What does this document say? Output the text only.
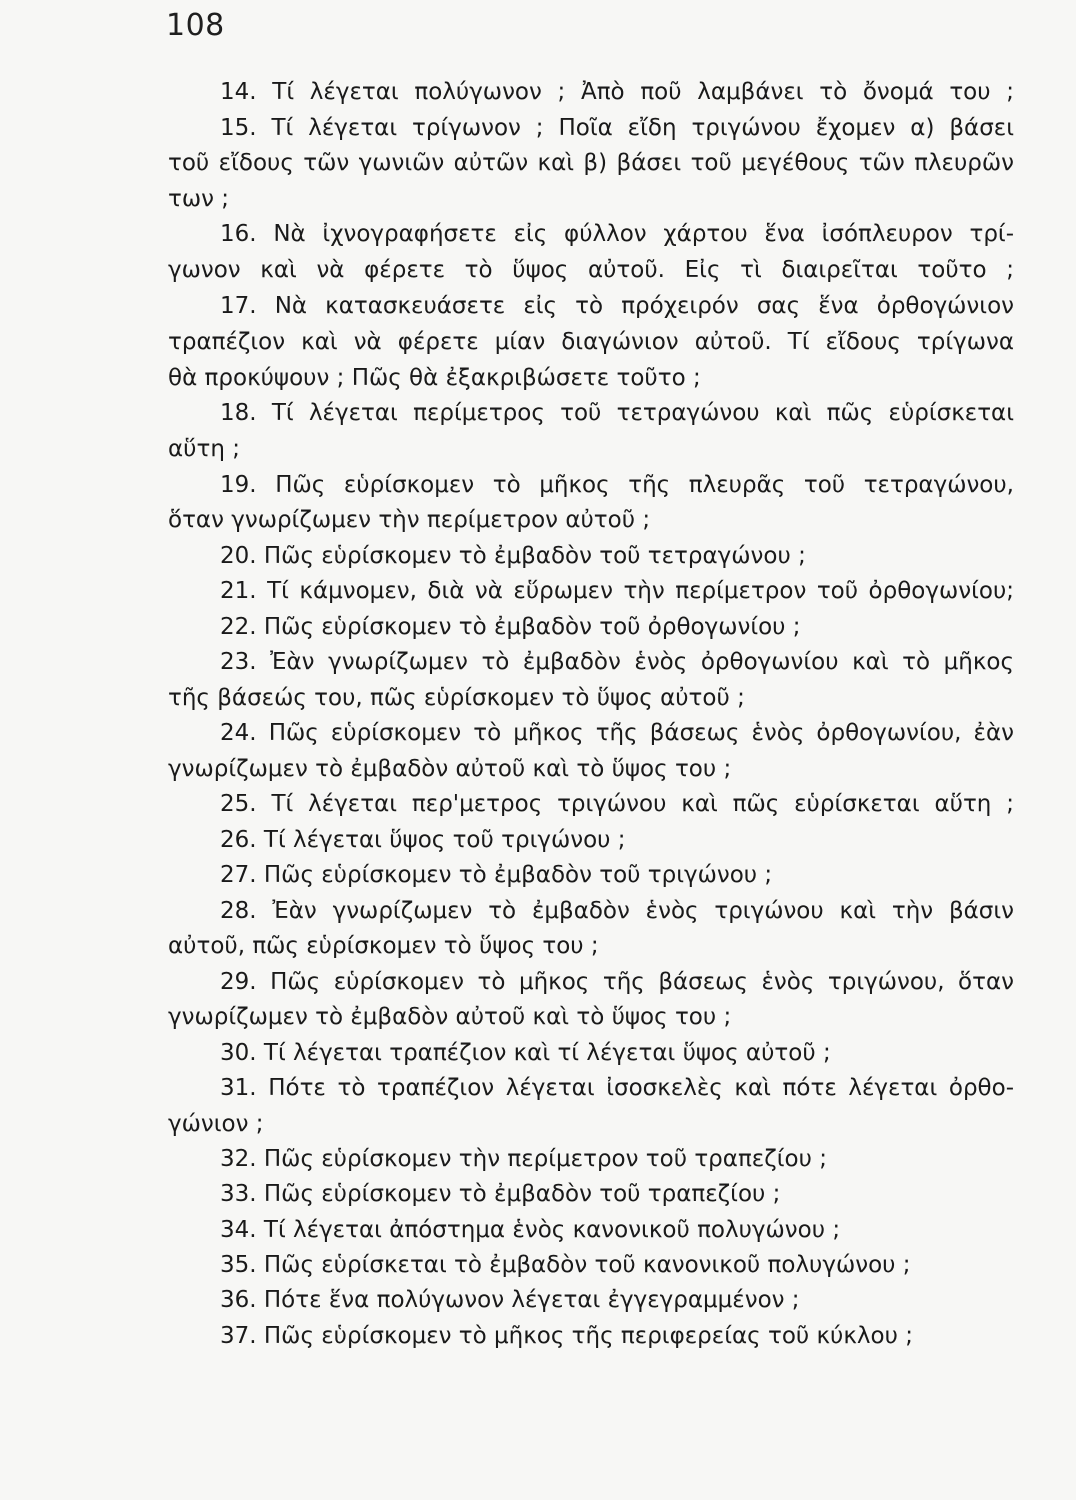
108
14. Τί λέγεται πολύγωνον ; Ἀπὸ ποῦ λαμβάνει τὸ ὄνομά του ;
15. Τί λέγεται τρίγωνον ; Ποῖα εἴδη τριγώνου ἔχομεν α) βάσει
τοῦ εἴδους τῶν γωνιῶν αὐτῶν καὶ β) βάσει τοῦ μεγέθους τῶν πλευρῶν
των ;
16. Νὰ ἰχνογραφήσετε εἰς φύλλον χάρτου ἕνα ἰσόπλευρον τρί-
γωνον καὶ νὰ φέρετε τὸ ὕψος αὐτοῦ. Εἰς τὶ διαιρεῖται τοῦτο ;
17. Νὰ κατασκευάσετε εἰς τὸ πρόχειρόν σας ἕνα ὀρθογώνιον
τραπέζιον καὶ νὰ φέρετε μίαν διαγώνιον αὐτοῦ. Τί εἴδους τρίγωνα
θὰ προκύψουν ; Πῶς θὰ ἐξακριβώσετε τοῦτο ;
18. Τί λέγεται περίμετρος τοῦ τετραγώνου καὶ πῶς εὑρίσκεται
αὕτη ;
19. Πῶς εὑρίσκομεν τὸ μῆκος τῆς πλευρᾶς τοῦ τετραγώνου,
ὅταν γνωρίζωμεν τὴν περίμετρον αὐτοῦ ;
20. Πῶς εὑρίσκομεν τὸ ἐμβαδὸν τοῦ τετραγώνου ;
21. Τί κάμνομεν, διὰ νὰ εὕρωμεν τὴν περίμετρον τοῦ ὀρθογωνίου;
22. Πῶς εὑρίσκομεν τὸ ἐμβαδὸν τοῦ ὀρθογωνίου ;
23. Ἐὰν γνωρίζωμεν τὸ ἐμβαδὸν ἑνὸς ὀρθογωνίου καὶ τὸ μῆκος
τῆς βάσεώς του, πῶς εὑρίσκομεν τὸ ὕψος αὐτοῦ ;
24. Πῶς εὑρίσκομεν τὸ μῆκος τῆς βάσεως ἑνὸς ὀρθογωνίου, ἐὰν
γνωρίζωμεν τὸ ἐμβαδὸν αὐτοῦ καὶ τὸ ὕψος του ;
25. Τί λέγεται περ'μετρος τριγώνου καὶ πῶς εὑρίσκεται αὕτη ;
26. Τί λέγεται ὕψος τοῦ τριγώνου ;
27. Πῶς εὑρίσκομεν τὸ ἐμβαδὸν τοῦ τριγώνου ;
28. Ἐὰν γνωρίζωμεν τὸ ἐμβαδὸν ἑνὸς τριγώνου καὶ τὴν βάσιν
αὐτοῦ, πῶς εὑρίσκομεν τὸ ὕψος του ;
29. Πῶς εὑρίσκομεν τὸ μῆκος τῆς βάσεως ἑνὸς τριγώνου, ὅταν
γνωρίζωμεν τὸ ἐμβαδὸν αὐτοῦ καὶ τὸ ὕψος του ;
30. Τί λέγεται τραπέζιον καὶ τί λέγεται ὕψος αὐτοῦ ;
31. Πότε τὸ τραπέζιον λέγεται ἰσοσκελὲς καὶ πότε λέγεται ὀρθο-
γώνιον ;
32. Πῶς εὑρίσκομεν τὴν περίμετρον τοῦ τραπεζίου ;
33. Πῶς εὑρίσκομεν τὸ ἐμβαδὸν τοῦ τραπεζίου ;
34. Τί λέγεται ἀπόστημα ἑνὸς κανονικοῦ πολυγώνου ;
35. Πῶς εὑρίσκεται τὸ ἐμβαδὸν τοῦ κανονικοῦ πολυγώνου ;
36. Πότε ἕνα πολύγωνον λέγεται ἐγγεγραμμένον ;
37. Πῶς εὑρίσκομεν τὸ μῆκος τῆς περιφερείας τοῦ κύκλου ;
